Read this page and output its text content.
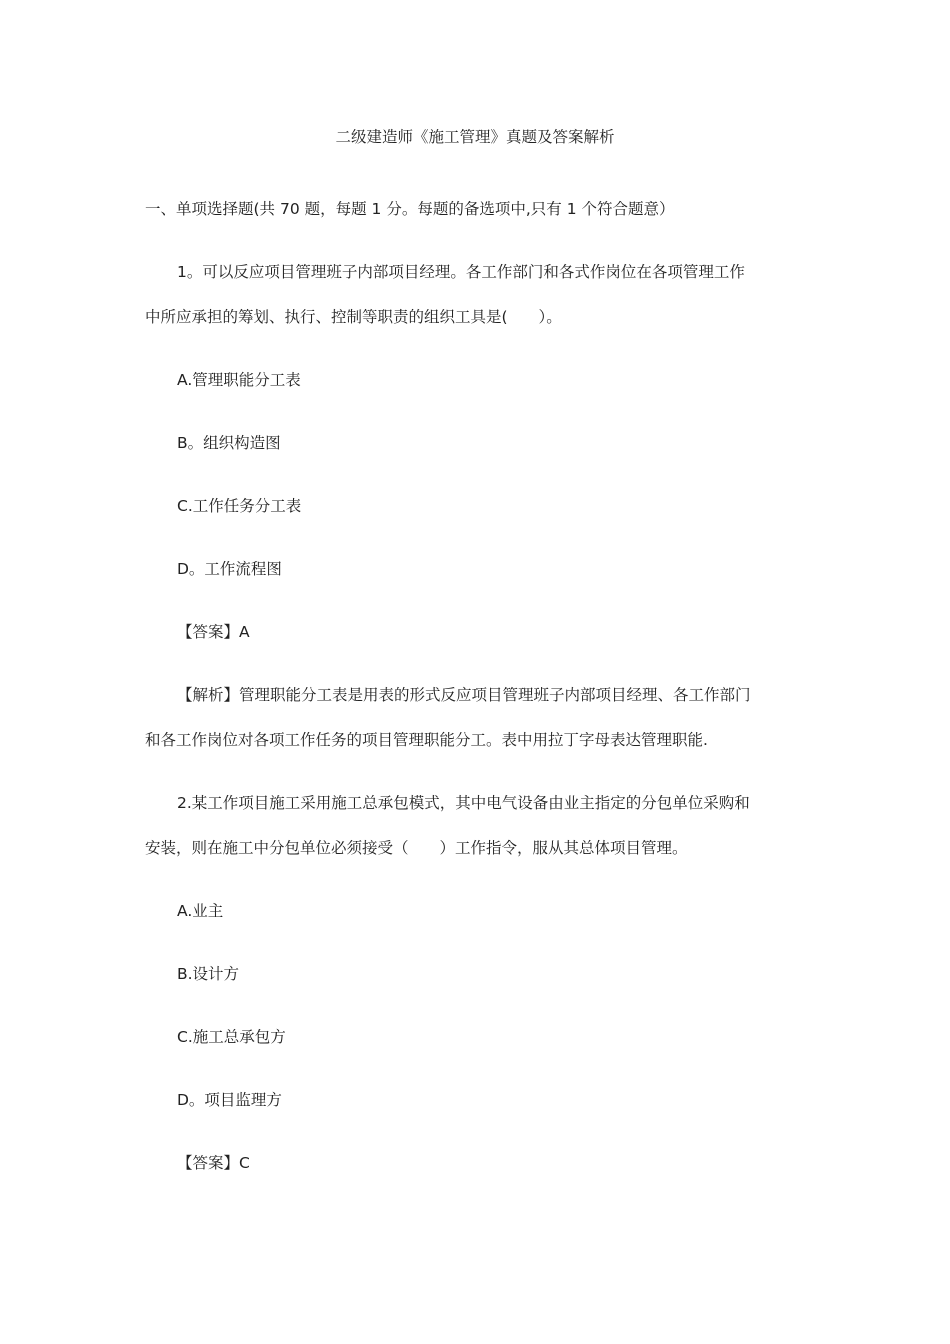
二级建造师《施工管理》真题及答案解析
一、单项选择题(共 70 题，每题 1 分。每题的备选项中,只有 1 个符合题意）
1。可以反应项目管理班子内部项目经理。各工作部门和各式作岗位在各项管理工作
中所应承担的筹划、执行、控制等职责的组织工具是(　　）。
A.管理职能分工表
B。组织构造图
C.工作任务分工表
D。工作流程图
【答案】A
【解析】管理职能分工表是用表的形式反应项目管理班子内部项目经理、各工作部门
和各工作岗位对各项工作任务的项目管理职能分工。表中用拉丁字母表达管理职能.
2.某工作项目施工采用施工总承包模式，其中电气设备由业主指定的分包单位采购和
安装，则在施工中分包单位必须接受（　　）工作指令，服从其总体项目管理。
A.业主
B.设计方
C.施工总承包方
D。项目监理方
【答案】C
